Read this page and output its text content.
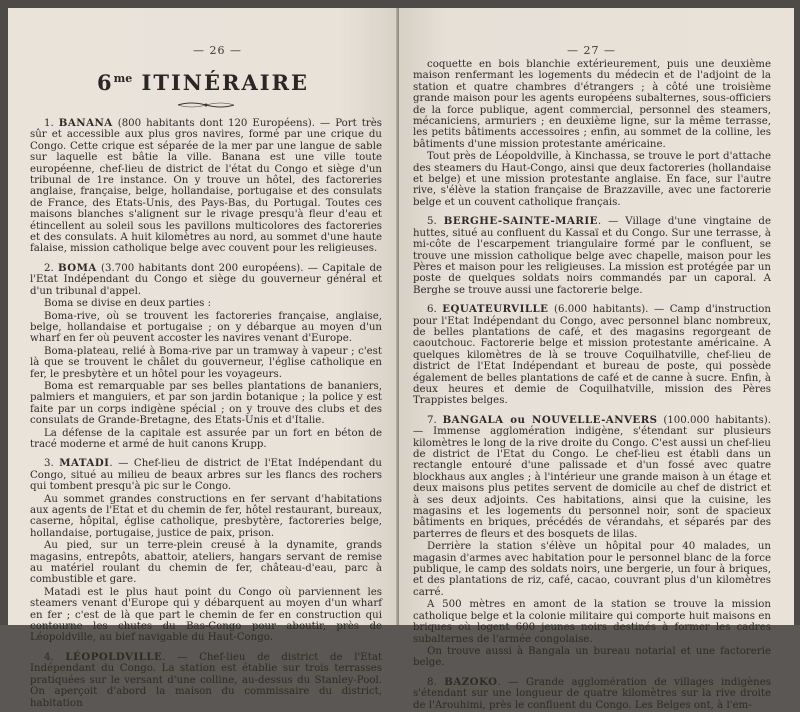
— 26 —
$6^{me}$ ITINÉRAIRE

1. BANANA (800 habitants dont 120 Européens). — Port très sûr et accessible aux plus gros navires, formé par une crique du Congo. Cette crique est séparée de la mer par une langue de sable sur laquelle est bâtie la ville. Banana est une ville toute européenne, chef-lieu de district de l'état du Congo et siège d'un tribunal de 1re instance. On y trouve un hôtel, des factoreries anglaise, française, belge, hollandaise, portugaise et des consulats de France, des Etats-Unis, des Pays-Bas, du Portugal. Toutes ces maisons blanches s'alignent sur le rivage presqu'à fleur d'eau et étincellent au soleil sous les pavillons multicolores des factoreries et des consulats. A huit kilomètres au nord, au sommet d'une haute falaise, mission catholique belge avec couvent pour les religieuses.

2. BOMA (3.700 habitants dont 200 européens). — Capitale de l'Etat Indépendant du Congo et siège du gouverneur général et d'un tribunal d'appel.

Boma se divise en deux parties :

Boma-rive, où se trouvent les factoreries française, anglaise, belge, hollandaise et portugaise ; on y débarque au moyen d'un wharf en fer où peuvent accoster les navires venant d'Europe.

Boma-plateau, relié à Boma-rive par un tramway à vapeur ; c'est là que se trouvent le châlet du gouverneur, l'église catholique en fer, le presbytère et un hôtel pour les voyageurs.

Boma est remarquable par ses belles plantations de bananiers, palmiers et manguiers, et par son jardin botanique ; la police y est faite par un corps indigène spécial ; on y trouve des clubs et des consulats de Grande-Bretagne, des Etats-Unis et d'Italie.

La défense de la capitale est assurée par un fort en béton de tracé moderne et armé de huit canons Krupp.

3. MATADI. — Chef-lieu de district de l'Etat Indépendant du Congo, situé au milieu de beaux arbres sur les flancs des rochers qui tombent presqu'à pic sur le Congo.

Au sommet grandes constructions en fer servant d'habitations aux agents de l'Etat et du chemin de fer, hôtel restaurant, bureaux, caserne, hôpital, église catholique, presbytère, factoreries belge, hollandaise, portugaise, justice de paix, prison.

Au pied, sur un terre-plein creusé à la dynamite, grands magasins, entrepôts, abattoir, ateliers, hangars servant de remise au matériel roulant du chemin de fer, château-d'eau, parc à combustible et gare.

Matadi est le plus haut point du Congo où parviennent les steamers venant d'Europe qui y débarquent au moyen d'un wharf en fer ; c'est de là que part le chemin de fer en construction qui contourne les chutes du Bas-Congo pour aboutir, près de Léopoldville, au bief navigable du Haut-Congo.

4. LÉOPOLDVILLE. — Chef-lieu de district de l'Etat Indépendant du Congo. La station est établie sur trois terrasses pratiquées sur le versant d'une colline, au-dessus du Stanley-Pool. On aperçoit d'abord la maison du commissaire du district, habitation

— 27 —

coquette en bois blanchie extérieurement, puis une deuxième maison renfermant les logements du médecin et de l'adjoint de la station et quatre chambres d'étrangers ; à côté une troisième grande maison pour les agents européens subalternes, sous-officiers de la force publique, agent commercial, personnel des steamers, mécaniciens, armuriers ; en deuxième ligne, sur la même terrasse, les petits bâtiments accessoires ; enfin, au sommet de la colline, les bâtiments d'une mission protestante américaine.

Tout près de Léopoldville, à Kinchassa, se trouve le port d'attache des steamers du Haut-Congo, ainsi que deux factoreries (hollandaise et belge) et une mission protestante anglaise. En face, sur l'autre rive, s'élève la station française de Brazzaville, avec une factorerie belge et un couvent catholique français.

5. BERGHE-SAINTE-MARIE. — Village d'une vingtaine de huttes, situé au confluent du Kassaï et du Congo. Sur une terrasse, à mi-côte de l'escarpement triangulaire formé par le confluent, se trouve une mission catholique belge avec chapelle, maison pour les Pères et maison pour les religieuses. La mission est protégée par un poste de quelques soldats noirs commandés par un caporal. A Berghe se trouve aussi une factorerie belge.

6. EQUATEURVILLE (6.000 habitants). — Camp d'instruction pour l'Etat Indépendant du Congo, avec personnel blanc nombreux, de belles plantations de café, et des magasins regorgeant de caoutchouc. Factorerie belge et mission protestante américaine. A quelques kilomètres de là se trouve Coquilhatville, chef-lieu de district de l'Etat Indépendant et bureau de poste, qui possède également de belles plantations de café et de canne à sucre. Enfin, à deux heures et demie de Coquilhatville, mission des Pères Trappistes belges.

7. BANGALA ou NOUVELLE-ANVERS (100.000 habitants). — Immense agglomération indigène, s'étendant sur plusieurs kilomètres le long de la rive droite du Congo. C'est aussi un chef-lieu de district de l'Etat du Congo. Le chef-lieu est établi dans un rectangle entouré d'une palissade et d'un fossé avec quatre blockhaus aux angles ; à l'intérieur une grande maison à un étage et deux maisons plus petites servent de domicile au chef de district et à ses deux adjoints. Ces habitations, ainsi que la cuisine, les magasins et les logements du personnel noir, sont de spacieux bâtiments en briques, précédés de vérandahs, et séparés par des parterres de fleurs et des bosquets de lilas.

Derrière la station s'élève un hôpital pour 40 malades, un magasin d'armes avec habitation pour le personnel blanc de la force publique, le camp des soldats noirs, une bergerie, un four à briques, et des plantations de riz, café, cacao, couvrant plus d'un kilomètres carré.

A 500 mètres en amont de la station se trouve la mission catholique belge et la colonie militaire qui comporte huit maisons en briques où logent 600 jeunes noirs destinés à former les cadres subalternes de l'armée congolaise.

On trouve aussi à Bangala un bureau notarial et une factorerie belge.

8. BAZOKO. — Grande agglomération de villages indigènes s'étendant sur une longueur de quatre kilomètres sur la rive droite de l'Arouhimi, près le confluent du Congo. Les Belges ont, à l'em-
